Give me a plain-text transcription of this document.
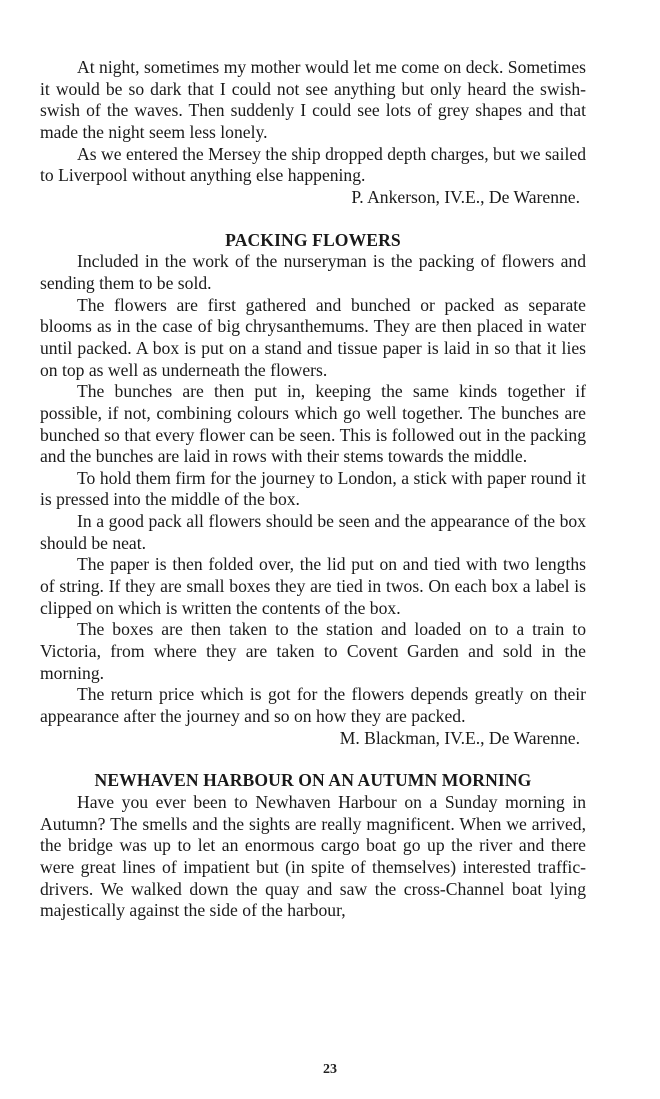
At night, sometimes my mother would let me come on deck. Sometimes it would be so dark that I could not see anything but only heard the swish-swish of the waves. Then suddenly I could see lots of grey shapes and that made the night seem less lonely.

As we entered the Mersey the ship dropped depth charges, but we sailed to Liverpool without anything else happening.

P. Ankerson, IV.E., De Warenne.

PACKING FLOWERS

Included in the work of the nurseryman is the packing of flowers and sending them to be sold.

The flowers are first gathered and bunched or packed as separate blooms as in the case of big chrysanthemums. They are then placed in water until packed. A box is put on a stand and tissue paper is laid in so that it lies on top as well as underneath the flowers.

The bunches are then put in, keeping the same kinds together if possible, if not, combining colours which go well together. The bunches are bunched so that every flower can be seen. This is followed out in the packing and the bunches are laid in rows with their stems towards the middle.

To hold them firm for the journey to London, a stick with paper round it is pressed into the middle of the box.

In a good pack all flowers should be seen and the appearance of the box should be neat.

The paper is then folded over, the lid put on and tied with two lengths of string. If they are small boxes they are tied in twos. On each box a label is clipped on which is written the contents of the box.

The boxes are then taken to the station and loaded on to a train to Victoria, from where they are taken to Covent Garden and sold in the morning.

The return price which is got for the flowers depends greatly on their appearance after the journey and so on how they are packed.

M. Blackman, IV.E., De Warenne.

NEWHAVEN HARBOUR ON AN AUTUMN MORNING

Have you ever been to Newhaven Harbour on a Sunday morning in Autumn? The smells and the sights are really magnificent. When we arrived, the bridge was up to let an enormous cargo boat go up the river and there were great lines of impatient but (in spite of themselves) interested traffic-drivers. We walked down the quay and saw the cross-Channel boat lying majestically against the side of the harbour,

23
